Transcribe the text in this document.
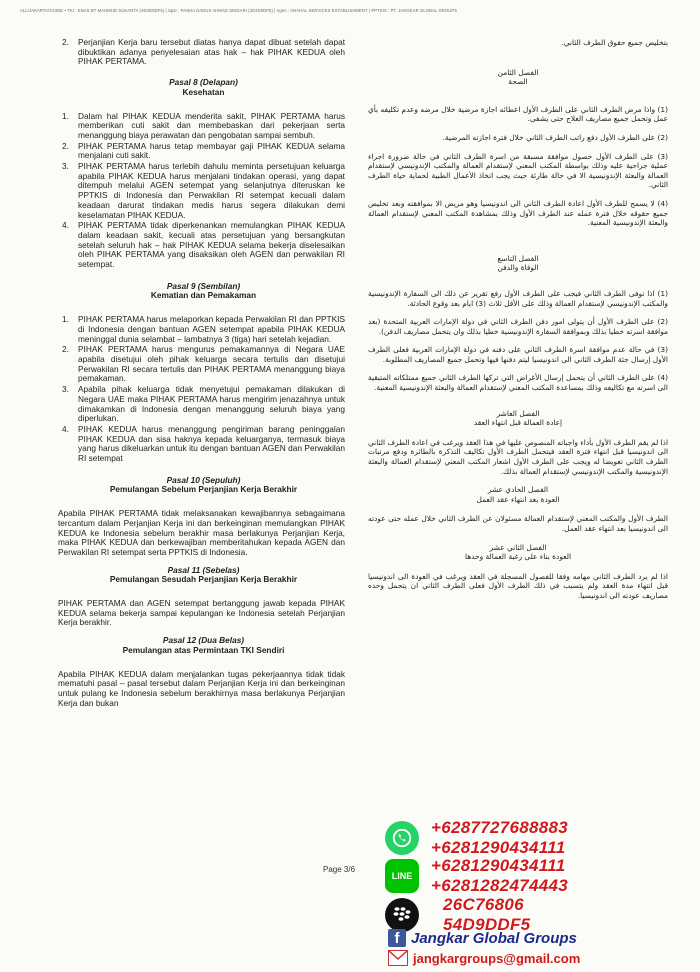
ALL/JAKARTA/GUIDE • TKI : ENAS BT MAHMUD SUKANTA (4D4D0DF5) | Spsr : PASHA DADUS AHMAD SINDARI (4D4D0DF5) | Agen : ANAHAL SERVICES ESTABLISHMENT | PPTKIS : PT. JANGKAR GLOBAL GROUPS
2.	Perjanjian Kerja baru tersebut diatas hanya dapat dibuat setelah dapat dibuktikan adanya penyelesaian atas hak – hak PIHAK KEDUA oleh PIHAK PERTAMA.
Pasal 8 (Delapan)
Kesehatan
1.	Dalam hal PIHAK KEDUA menderita sakit, PIHAK PERTAMA harus memberikan cuti sakit dan membebaskan dari pekerjaan serta menanggung biaya perawatan dan pengobatan sampai sembuh.
2.	PIHAK PERTAMA harus tetap membayar gaji PIHAK KEDUA selama menjalani cuti sakit.
3.	PIHAK PERTAMA harus terlebih dahulu meminta persetujuan keluarga apabila PIHAK KEDUA harus menjalani tindakan operasi, yang dapat ditempuh melalui AGEN setempat yang selanjutnya diteruskan ke PPTKIS di Indonesia dan Perwakilan RI setempat kecuali dalam keadaan darurat tindakan medis harus segera dilakukan demi keselamatan PIHAK KEDUA.
4.	PIHAK PERTAMA tidak diperkenankan memulangkan PIHAK KEDUA dalam keadaan sakit, kecuali atas persetujuan yang bersangkutan setelah seluruh hak – hak PIHAK KEDUA selama bekerja diselesaikan oleh PIHAK PERTAMA yang disaksikan oleh AGEN dan perwakilan RI setempat.
Pasal 9 (Sembilan)
Kematian dan Pemakaman
1.	PIHAK PERTAMA harus melaporkan kepada Perwakilan RI dan PPTKIS di Indonesia dengan bantuan AGEN setempat apabila PIHAK KEDUA meninggal dunia selambat – lambatnya 3 (tiga) hari setelah kejadian.
2.	PIHAK PERTAMA harus mengurus pemakamannya di Negara UAE apabila disetujui oleh pihak keluarga secara tertulis dan disetujui Perwakilan RI secara tertulis dan PIHAK PERTAMA menanggung biaya pemakaman.
3.	Apabila pihak keluarga tidak menyetujui pemakaman dilakukan di Negara UAE maka PIHAK PERTAMA harus mengirim jenazahnya untuk dimakamkan di Indonesia dengan menanggung seluruh biaya yang diperlukan.
4.	PIHAK KEDUA harus menanggung pengiriman barang peninggalan PIHAK KEDUA dan sisa haknya kepada keluarganya, termasuk biaya yang harus dikeluarkan untuk itu dengan bantuan AGEN dan Perwakilan RI setempat
Pasal 10 (Sepuluh)
Pemulangan Sebelum Perjanjian Kerja Berakhir
Apabila PIHAK PERTAMA tidak melaksanakan kewajibannya sebagaimana tercantum dalam Perjanjian Kerja ini dan berkeinginan memulangkan PIHAK KEDUA ke Indonesia sebelum berakhir masa berlakunya Perjanjian Kerja, maka PIHAK KEDUA dan berkewajiban memberitahukan kepada AGEN dan Perwakilan RI setempat serta PPTKIS di Indonesia.
Pasal 11 (Sebelas)
Pemulangan Sesudah Perjanjian Kerja Berakhir
PIHAK PERTAMA dan AGEN setempat bertanggung jawab kepada PIHAK KEDUA selama bekerja sampai kepulangan ke Indonesia setelah Perjanjian Kerja berakhir.
Pasal 12 (Dua Belas)
Pemulangan atas Permintaan TKI Sendiri
Apabila PIHAK KEDUA dalam menjalankan tugas pekerjaannya tidak tidak mematuhi pasal – pasal tersebut dalam Perjanjian Kerja ini dan berkeinginan untuk pulang ke Indonesia sebelum berakhirnya masa berlakunya Perjanjian Kerja dan bukan
بتخليص جميع حقوق الطرف الثاني.
الفصل الثامن
الصحة
(1) واذا مرض الطرف الثاني على الطرف الأول اعطائه اجازة مرضية خلال مرضه وعدم تكليفه بأي عمل وتحمل جميع مصاريف العلاج حتى يشفى.
(2) على الطرف الأول دفع راتب الطرف الثاني خلال فترة اجازته المرضية.
(3) على الطرف الأول حصول موافقة مسبقة من اسرة الطرف الثاني في حالة ضرورة اجراء عملية جراحية عليه وذلك بواسطة المكتب المعني لإستقدام العمالة والمكتب الإندونيسي لإستقدام العمالة والبعثة الإندونيسية الا في حالة طارئة حيث يجب اتخاذ الأعمال الطبية لحماية حياة الطرف الثاني.
(4) لا يسمح للطرف الأول اعادة الطرف الثاني الى اندونيسيا وهو مريض الا بموافقته وبعد تخليص جميع حقوقه خلال فترة عمله عند الطرف الأول وذلك بمشاهدة المكتب المعني لإستقدام العمالة والبعثة الإندونيسية المعنية.
الفصل التاسع
الوفاة والدفن
(1) اذا توفى الطرف الثاني فيجب على الطرف الأول رفع تقرير عن ذلك الى السفارة الإندونيسية والمكتب الإندونيسي لإستقدام العمالة وذلك على الأقل ثلاث (3) ايام بعد وقوع الحادثة.
(2) على الطرف الأول أن يتولى امور دفن الطرف الثاني في دولة الإمارات العربية المتحدة (بعد موافقة اسرته خطيا بذلك وبموافقة السفارة الإندونيسية خطيا بذلك وان يتحمل مصاريف الدفن).
(3) في حالة عدم موافقة اسرة الطرف الثاني على دفنه في دولة الإمارات العربية فعلى الطرف الأول إرسال جثة الطرف الثاني الى اندونيسيا ليتم دفنها فيها وتحمل جميع المصاريف المطلوبة.
(4) على الطرف الثاني أن يتحمل إرسال الأغراض التي تركها الطرف الثاني جميع ممتلكاته المتبقية الى اسرته مع تكاليفه وذلك بمساعدة المكتب المعني لإستقدام العمالة والبعثة الإندونيسية المعنية.
الفصل العاشر
إعادة العمالة قبل انتهاء العقد
اذا لم يقم الطرف الأول بأداء واجباته المنصوص عليها في هذا العقد ويرغب في اعادة الطرف الثاني الى اندونيسيا قبل انتهاء فترة العقد فيتحمل الطرف الأول تكاليف التذكرة بالطائرة ودفع مرتبات الطرف الثاني تعويضا له ويجب على الطرف الأول اشعار المكتب المعني لإستقدام العمالة والبعثة الإندونيسية والمكتب الإندونيسي لإستقدام العمالة بذلك.
الفصل الحادي عشر
العودة بعد انتهاء عقد العمل
الطرف الأول والمكتب المعني لإستقدام العمالة مسئولان عن الطرف الثاني خلال عمله حتى عودته الى اندونيسيا بعد انتهاء عقد العمل.
الفصل الثاني عشر
العودة بناء على رغبة العمالة وحدها
اذا لم يرد الطرف الثاني مهامه وفقا للفصول المسجلة في العقد ويرغب في العودة الى اندونيسيا قبل انتهاء مدة العقد ولم يتسبب في ذلك الطرف الأول فعلى الطرف الثاني ان يتحمل وحده مصاريف عودته الى اندونيسيا.
Page 3/6
+6287727688883
+6281290434111
LINE
+6281290434111
+6281282474443
26C76806
54D9DDF5
f Jangkar Global Groups
jangkargroups@gmail.com
